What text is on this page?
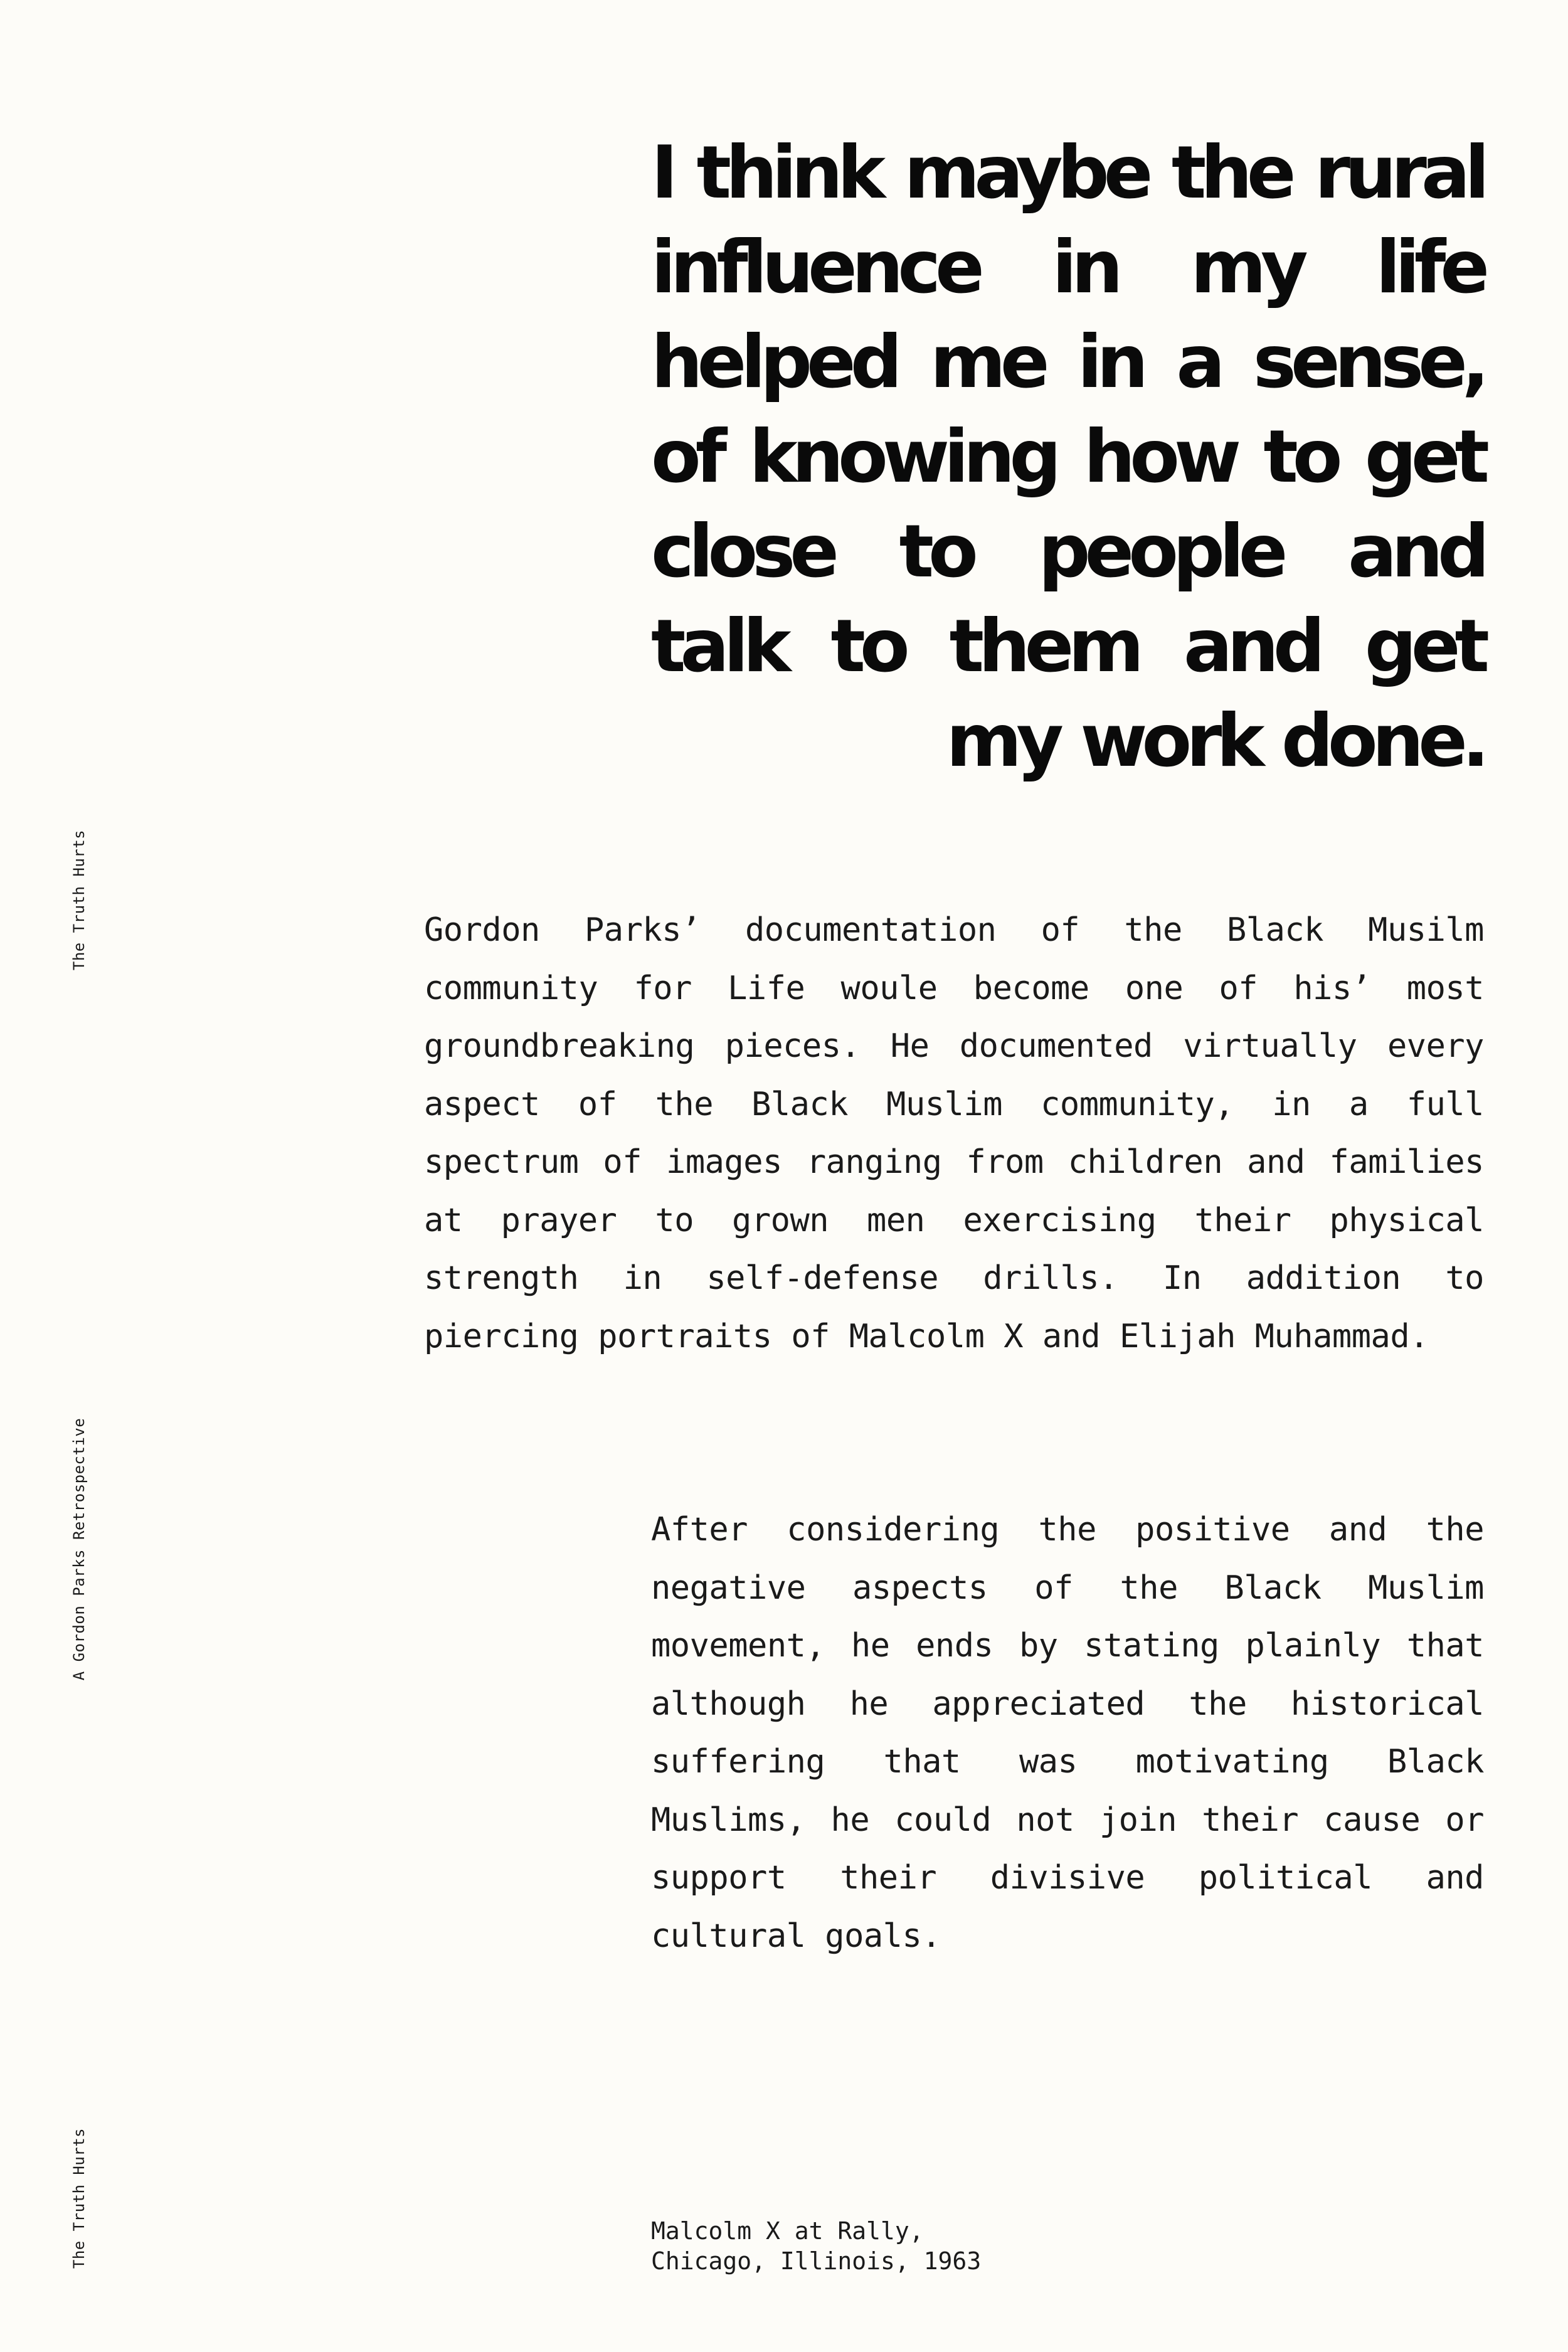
The Truth Hurts
A Gordon Parks Retrospective
The Truth Hurts
I think maybe the rural influence in my life helped me in a sense, of knowing how to get close to people and talk to them and get my work done.

Gordon Parks’ documentation of the Black Musilm community for Life woule become one of his’ most groundbreaking pieces. He documented virtually every aspect of the Black Muslim community, in a full spectrum of images ranging from children and families at prayer to grown men exercising their physical strength in self-defense drills. In addition to piercing portraits of Malcolm X and Elijah Muhammad.

After considering the positive and the negative aspects of the Black Muslim movement, he ends by stating plainly that although he appreciated the historical suffering that was motivating Black Muslims, he could not join their cause or support their divisive political and cultural goals.

Malcolm X at Rally,
Chicago, Illinois, 1963
